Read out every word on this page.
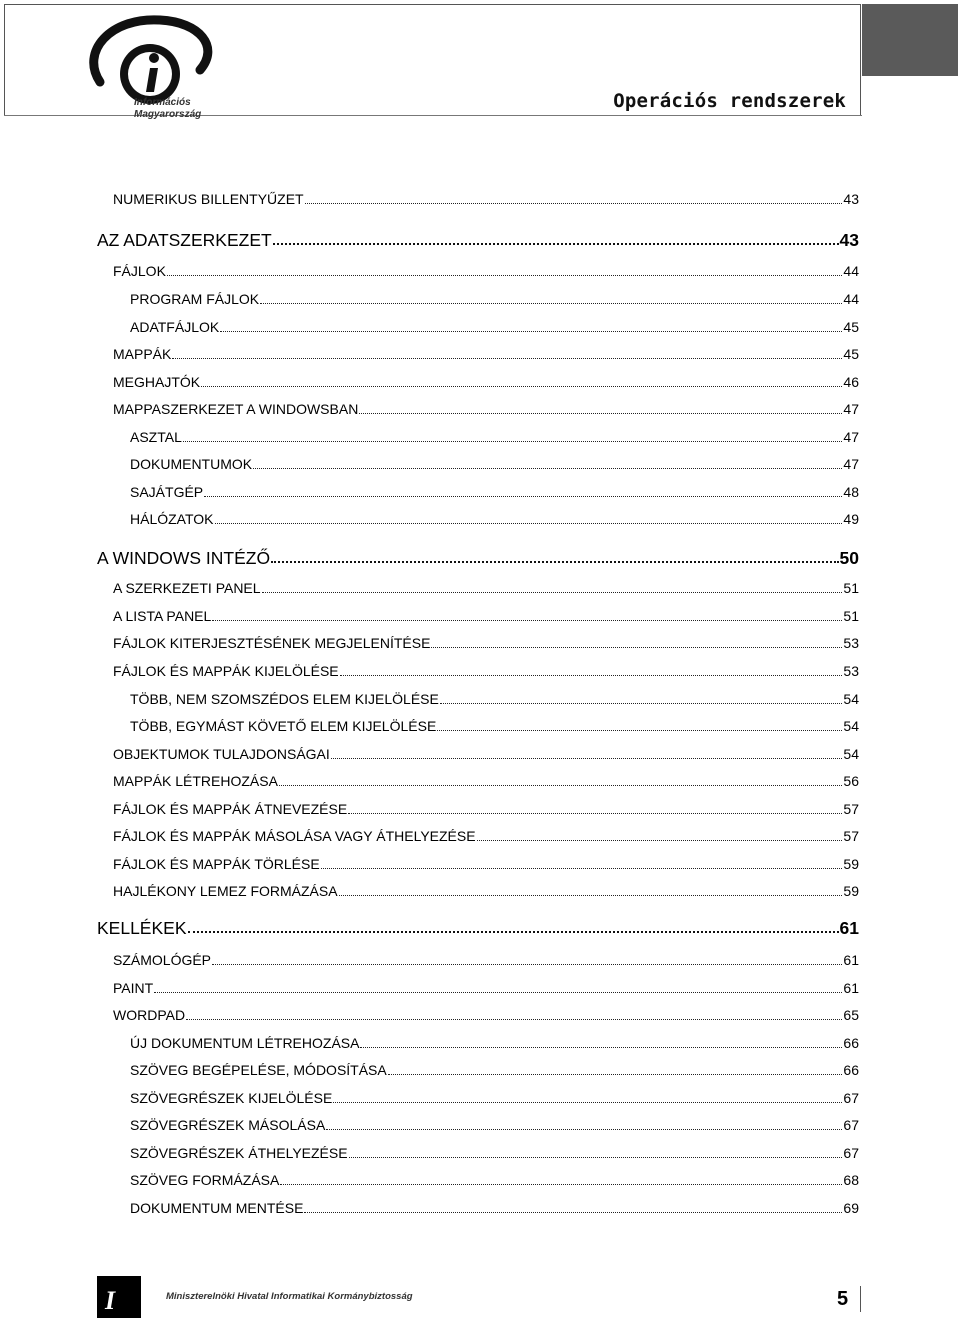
Információs
Magyarország
Operációs rendszerek
NUMERIKUS BILLENTYŰZET	43
AZ ADATSZERKEZET	43
FÁJLOK	44
PROGRAM FÁJLOK	44
ADATFÁJLOK	45
MAPPÁK	45
MEGHAJTÓK	46
MAPPASZERKEZET A WINDOWSBAN	47
ASZTAL	47
DOKUMENTUMOK	47
SAJÁTGÉP	48
HÁLÓZATOK	49
A WINDOWS INTÉZŐ	50
A SZERKEZETI PANEL	51
A LISTA PANEL	51
FÁJLOK KITERJESZTÉSÉNEK MEGJELENÍTÉSE	53
FÁJLOK ÉS MAPPÁK KIJELÖLÉSE	53
TÖBB, NEM SZOMSZÉDOS ELEM KIJELÖLÉSE	54
TÖBB, EGYMÁST KÖVETŐ ELEM KIJELÖLÉSE	54
OBJEKTUMOK TULAJDONSÁGAI	54
MAPPÁK LÉTREHOZÁSA	56
FÁJLOK ÉS MAPPÁK ÁTNEVEZÉSE	57
FÁJLOK ÉS MAPPÁK MÁSOLÁSA VAGY ÁTHELYEZÉSE	57
FÁJLOK ÉS MAPPÁK TÖRLÉSE	59
HAJLÉKONY LEMEZ FORMÁZÁSA	59
KELLÉKEK	61
SZÁMOLÓGÉP	61
PAINT	61
WORDPAD	65
ÚJ DOKUMENTUM LÉTREHOZÁSA	66
SZÖVEG BEGÉPELÉSE, MÓDOSÍTÁSA	66
SZÖVEGRÉSZEK KIJELÖLÉSE	67
SZÖVEGRÉSZEK MÁSOLÁSA	67
SZÖVEGRÉSZEK ÁTHELYEZÉSE	67
SZÖVEG FORMÁZÁSA	68
DOKUMENTUM MENTÉSE	69
I	Miniszterelnöki Hivatal Informatikai Kormánybiztosság	5
